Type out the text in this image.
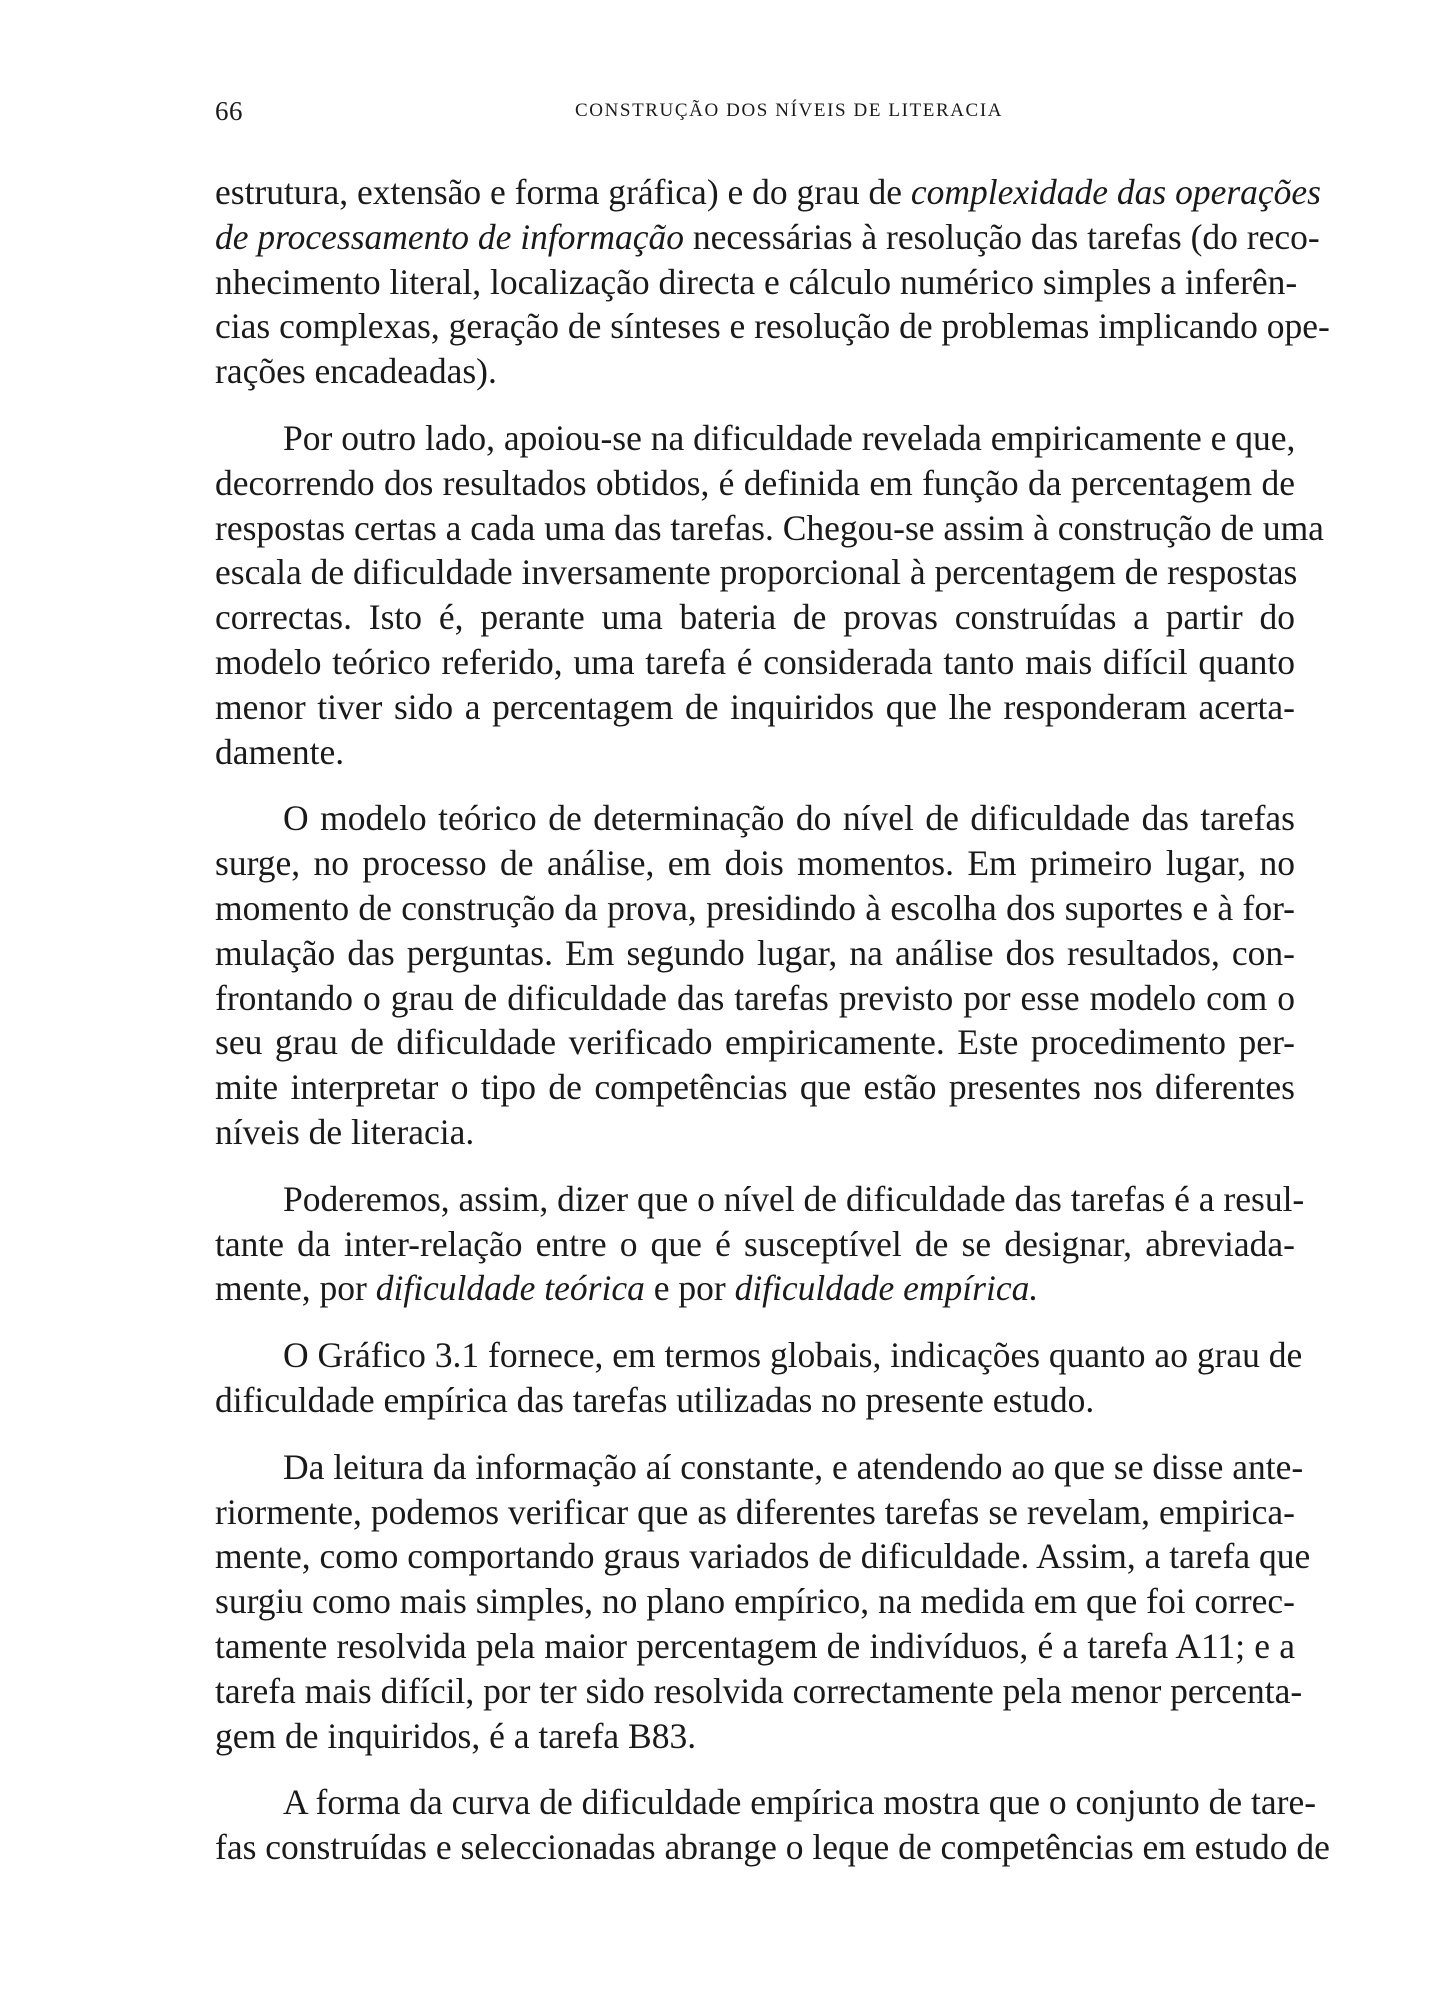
66	CONSTRUÇÃO DOS NÍVEIS DE LITERACIA

estrutura, extensão e forma gráfica) e do grau de complexidade das operações
de processamento de informação necessárias à resolução das tarefas (do reco-
nhecimento literal, localização directa e cálculo numérico simples a inferên-
cias complexas, geração de sínteses e resolução de problemas implicando ope-
rações encadeadas).

Por outro lado, apoiou-se na dificuldade revelada empiricamente e que,
decorrendo dos resultados obtidos, é definida em função da percentagem de
respostas certas a cada uma das tarefas. Chegou-se assim à construção de uma
escala de dificuldade inversamente proporcional à percentagem de respostas
correctas. Isto é, perante uma bateria de provas construídas a partir do
modelo teórico referido, uma tarefa é considerada tanto mais difícil quanto
menor tiver sido a percentagem de inquiridos que lhe responderam acerta-
damente.

O modelo teórico de determinação do nível de dificuldade das tarefas
surge, no processo de análise, em dois momentos. Em primeiro lugar, no
momento de construção da prova, presidindo à escolha dos suportes e à for-
mulação das perguntas. Em segundo lugar, na análise dos resultados, con-
frontando o grau de dificuldade das tarefas previsto por esse modelo com o
seu grau de dificuldade verificado empiricamente. Este procedimento per-
mite interpretar o tipo de competências que estão presentes nos diferentes
níveis de literacia.

Poderemos, assim, dizer que o nível de dificuldade das tarefas é a resul-
tante da inter-relação entre o que é susceptível de se designar, abreviada-
mente, por dificuldade teórica e por dificuldade empírica.

O Gráfico 3.1 fornece, em termos globais, indicações quanto ao grau de
dificuldade empírica das tarefas utilizadas no presente estudo.

Da leitura da informação aí constante, e atendendo ao que se disse ante-
riormente, podemos verificar que as diferentes tarefas se revelam, empirica-
mente, como comportando graus variados de dificuldade. Assim, a tarefa que
surgiu como mais simples, no plano empírico, na medida em que foi correc-
tamente resolvida pela maior percentagem de indivíduos, é a tarefa A11; e a
tarefa mais difícil, por ter sido resolvida correctamente pela menor percenta-
gem de inquiridos, é a tarefa B83.

A forma da curva de dificuldade empírica mostra que o conjunto de tare-
fas construídas e seleccionadas abrange o leque de competências em estudo de
